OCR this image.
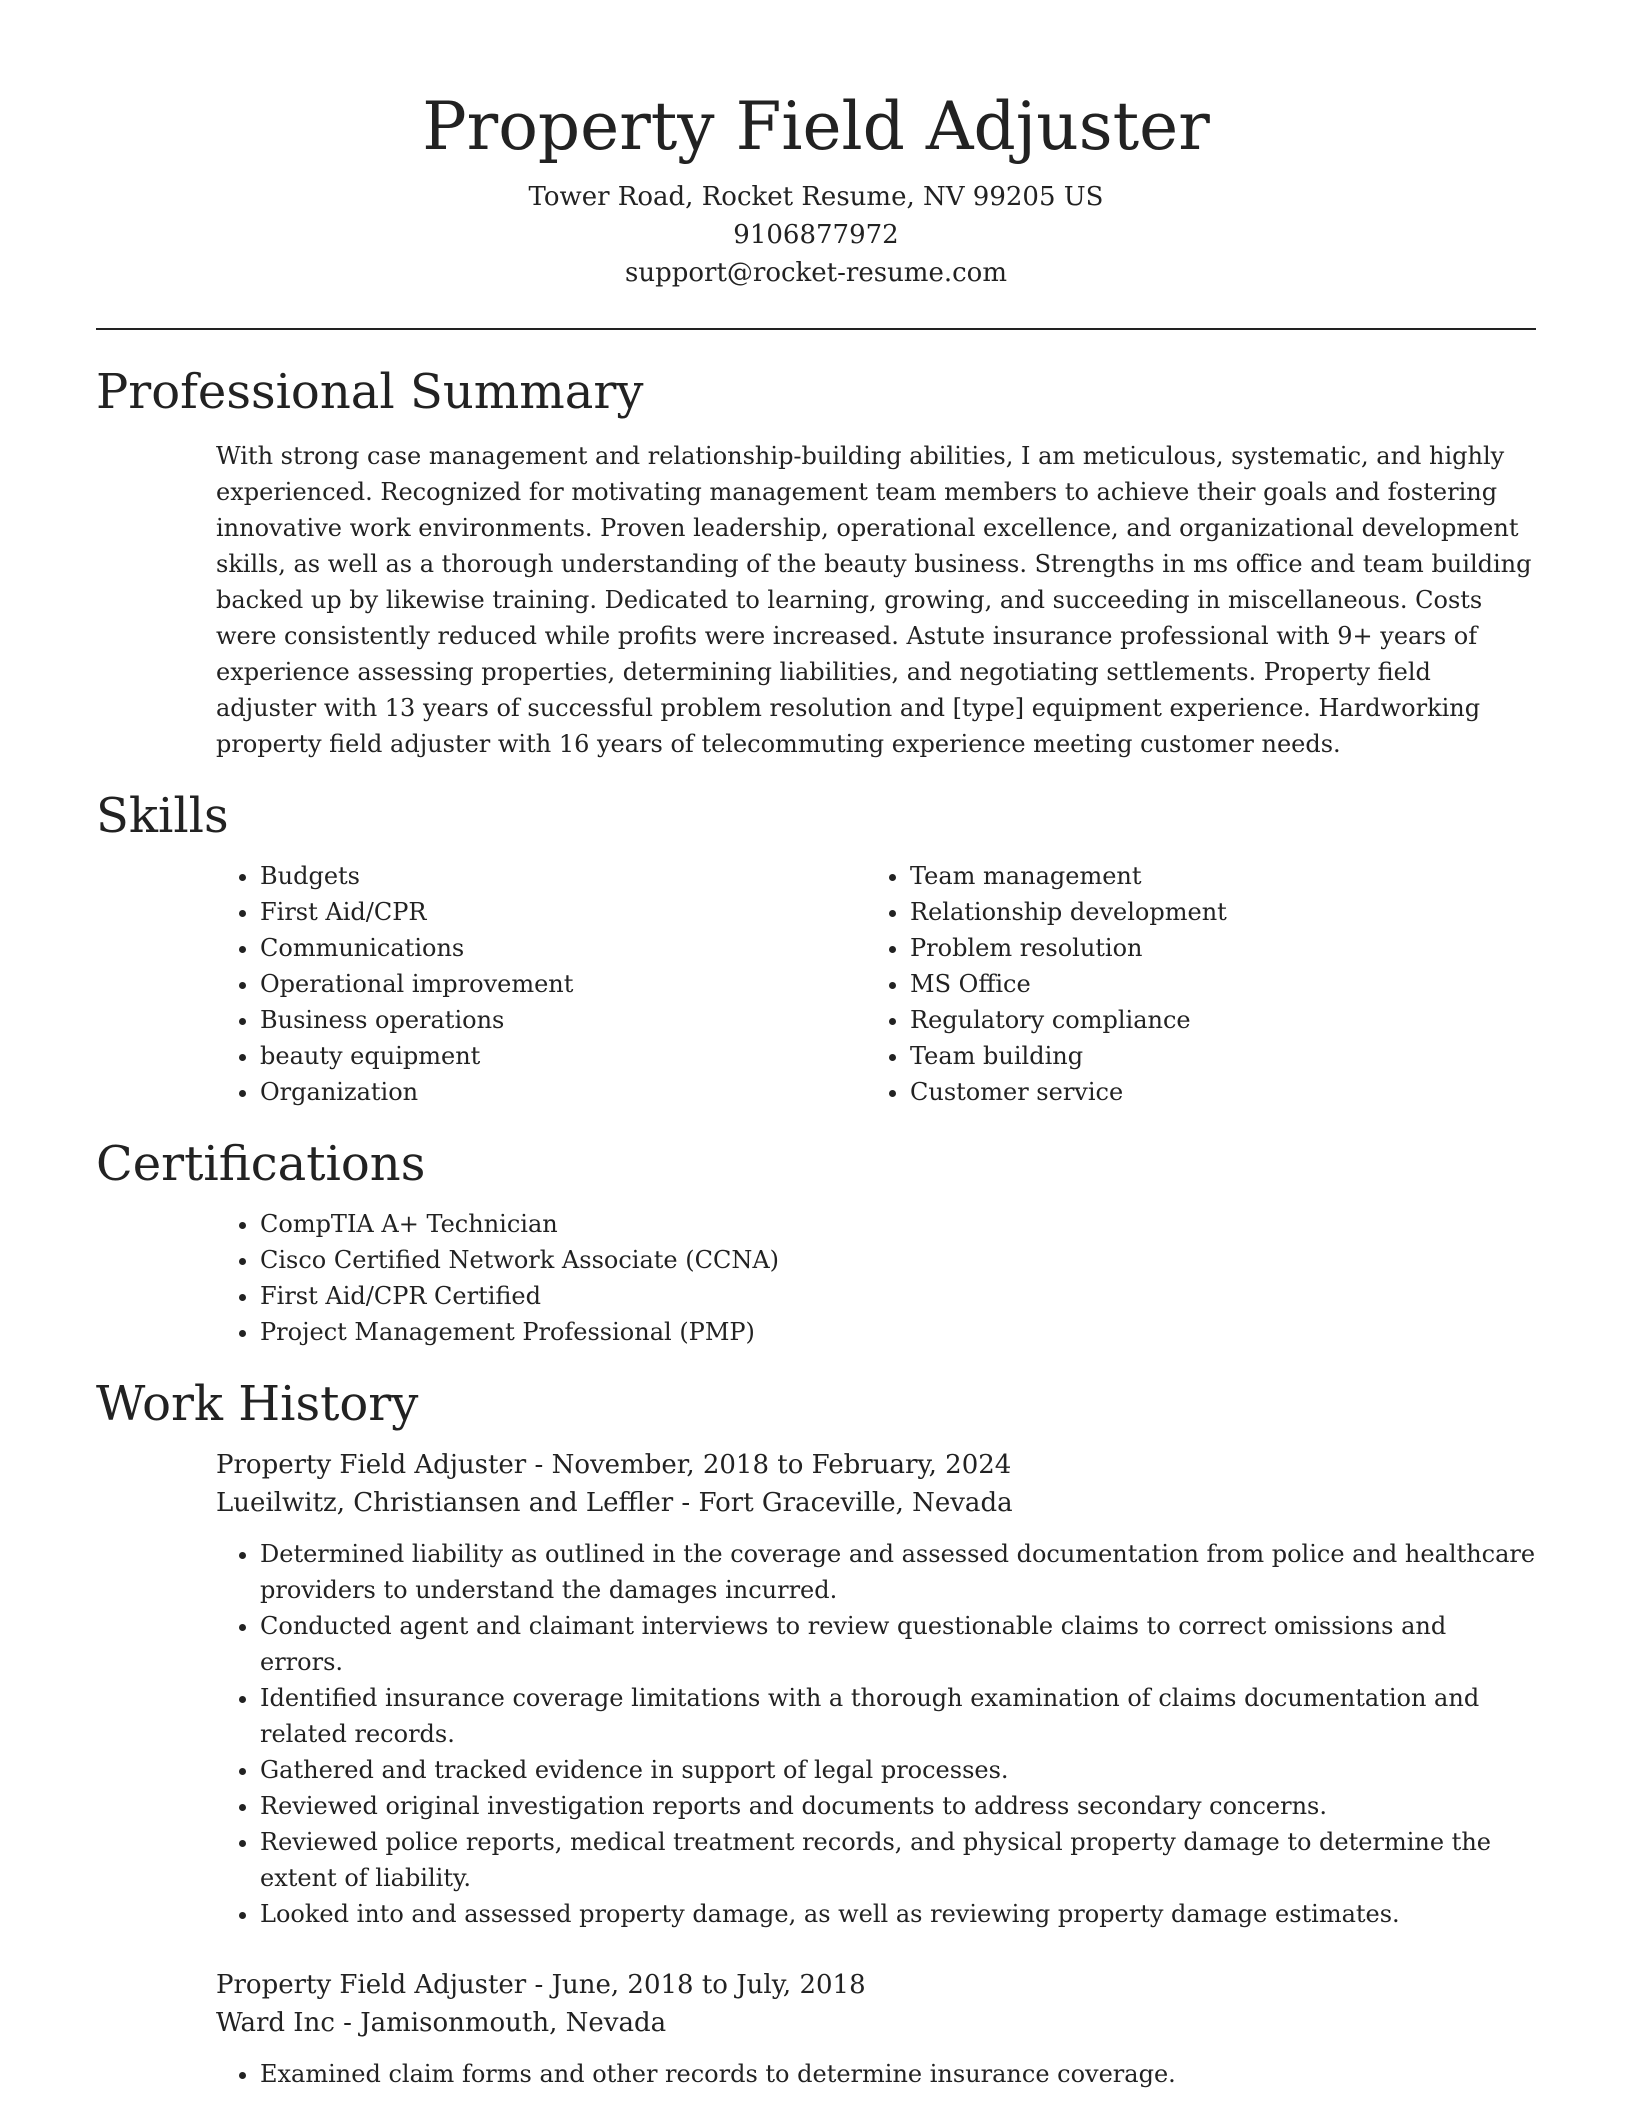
Property Field Adjuster
Tower Road, Rocket Resume, NV 99205 US
9106877972
support@rocket-resume.com
Professional Summary

With strong case management and relationship-building abilities, I am meticulous, systematic, and highly experienced. Recognized for motivating management team members to achieve their goals and fostering innovative work environments. Proven leadership, operational excellence, and organizational development skills, as well as a thorough understanding of the beauty business. Strengths in ms office and team building backed up by likewise training. Dedicated to learning, growing, and succeeding in miscellaneous. Costs were consistently reduced while profits were increased. Astute insurance professional with 9+ years of experience assessing properties, determining liabilities, and negotiating settlements. Property field adjuster with 13 years of successful problem resolution and [type] equipment experience. Hardworking property field adjuster with 16 years of telecommuting experience meeting customer needs.

Skills
• Budgets
• First Aid/CPR
• Communications
• Operational improvement
• Business operations
• beauty equipment
• Organization
• Team management
• Relationship development
• Problem resolution
• MS Office
• Regulatory compliance
• Team building
• Customer service
Certifications
• CompTIA A+ Technician
• Cisco Certified Network Associate (CCNA)
• First Aid/CPR Certified
• Project Management Professional (PMP)
Work History
Property Field Adjuster - November, 2018 to February, 2024
Lueilwitz, Christiansen and Leffler - Fort Graceville, Nevada
• Determined liability as outlined in the coverage and assessed documentation from police and healthcare providers to understand the damages incurred.
• Conducted agent and claimant interviews to review questionable claims to correct omissions and errors.
• Identified insurance coverage limitations with a thorough examination of claims documentation and related records.
• Gathered and tracked evidence in support of legal processes.
• Reviewed original investigation reports and documents to address secondary concerns.
• Reviewed police reports, medical treatment records, and physical property damage to determine the extent of liability.
• Looked into and assessed property damage, as well as reviewing property damage estimates.
Property Field Adjuster - June, 2018 to July, 2018
Ward Inc - Jamisonmouth, Nevada
• Examined claim forms and other records to determine insurance coverage.
